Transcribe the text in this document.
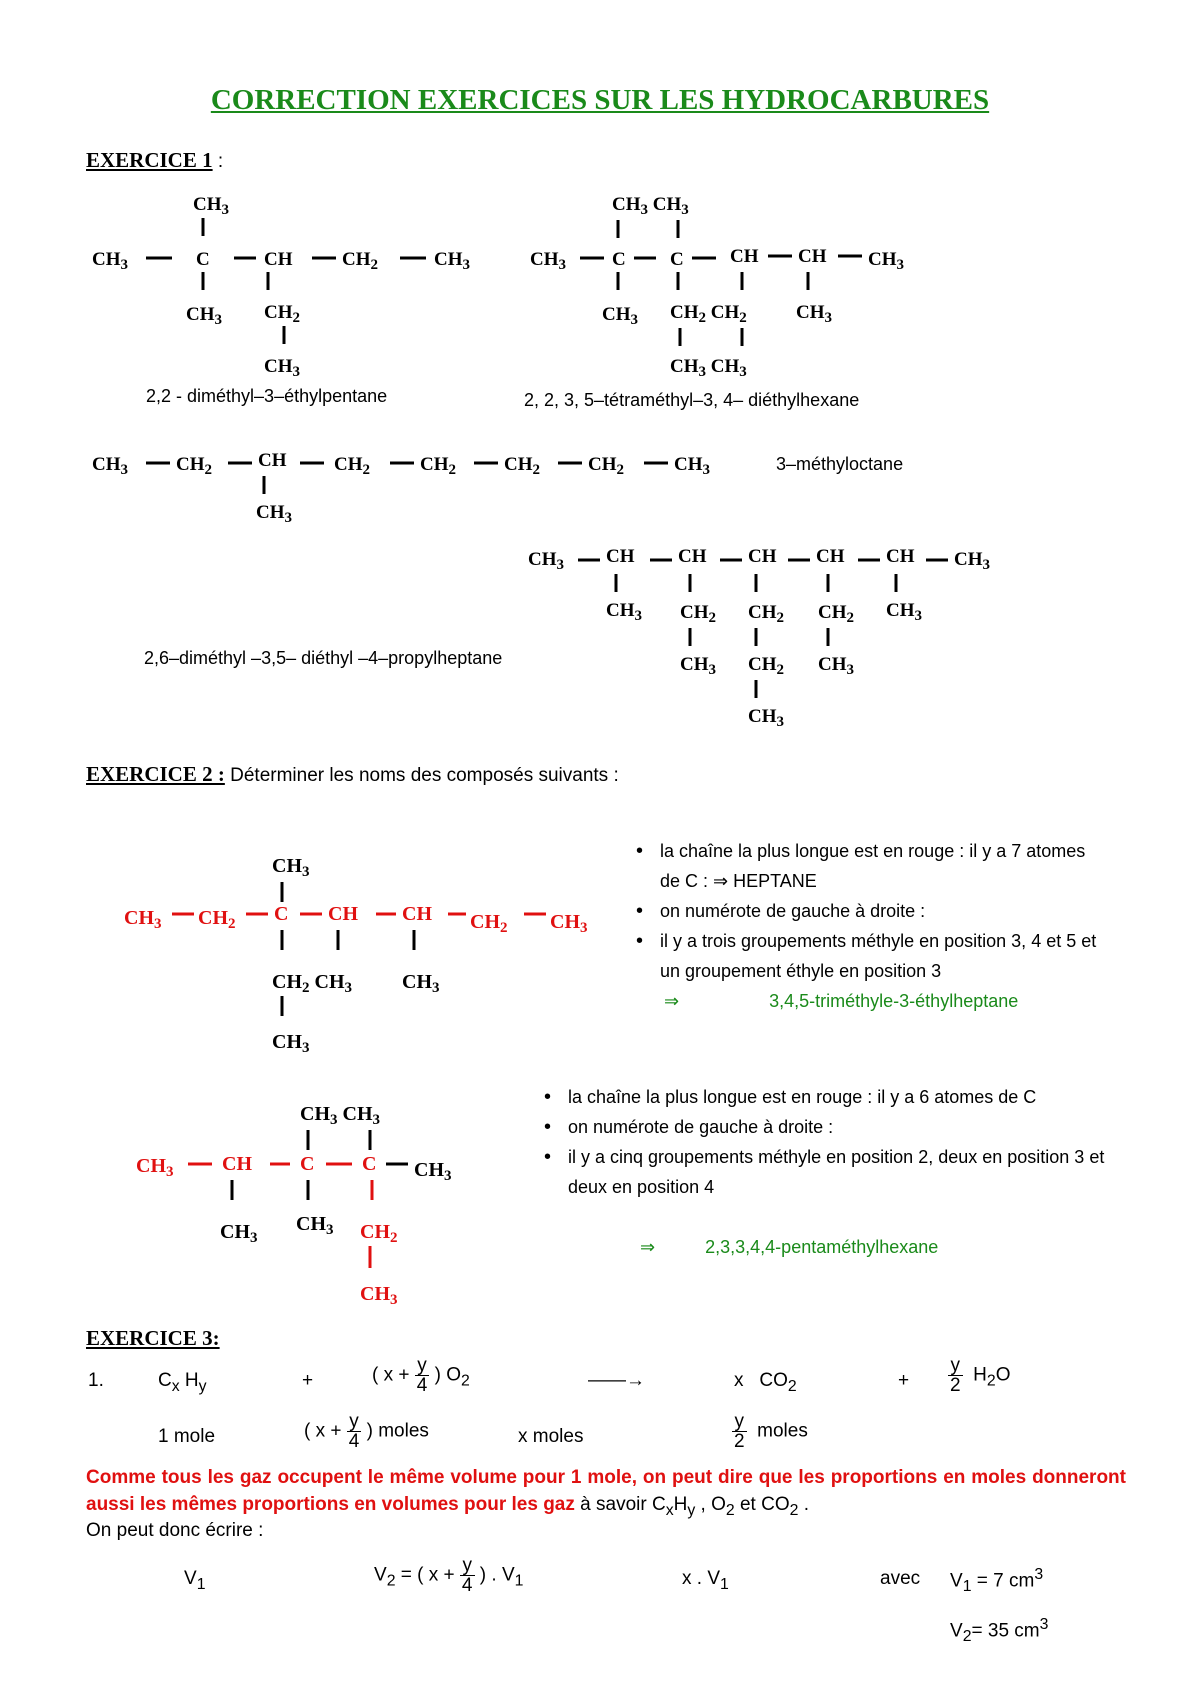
CORRECTION EXERCICES SUR LES HYDROCARBURES
EXERCICE 1 :
$CH_3$
$CH_3$	C	CH	$CH_2$	$CH_3$
$CH_3$ $CH_2$
$CH_3$
$CH_3$ $CH_3$
$CH_3$ C C CH CH $CH_3$
$CH_3$ $CH_2$ $CH_2$	$CH_3$
$CH_3$ $CH_3$
$CH_3$	$CH_2$ CH	$CH_2$	$CH_2$	$CH_2$	$CH_2$	$CH_3$
$CH_3$
$CH_3$ CH CH CH CH CH $CH_3$
$CH_3$ $CH_2$ $CH_2$ $CH_2$ $CH_3$
$CH_3$ $CH_2$ $CH_3$
$CH_3$
2,2 - diméthyl–3–éthylpentane	2, 2, 3, 5–tétraméthyl–3, 4– diéthylhexane
3–méthyloctane
2,6–diméthyl –3,5– diéthyl –4–propylheptane
EXERCICE 2 : Déterminer les noms des composés suivants :
$CH_3$
$CH_3$ $CH_2$ C CH CH $CH_2$ $CH_3$
$CH_2$ $CH_3$	$CH_3$
$CH_3$
$CH_3$ $CH_3$
$CH_3$ CH C C $CH_3$
$CH_3$
$CH_3$ $CH_2$
$CH_3$
• la chaîne la plus longue est en rouge : il y a 7 atomes de C : ⇒ HEPTANE
• on numérote de gauche à droite :
• il y a trois groupements méthyle en position 3, 4 et 5 et un groupement éthyle en position 3
⇒	3,4,5-triméthyle-3-éthylheptane
• la chaîne la plus longue est en rouge : il y a 6 atomes de C
• on numérote de gauche à droite :
• il y a cinq groupements méthyle en position 2, deux en position 3 et deux en position 4
⇒	2,3,3,4,4-pentaméthylhexane
EXERCICE 3:
1.	$C_x$ $H_y$	+	( $x + \frac{y}{4}$ ) $O_2$	——→	x $CO_2$	+ $\frac{y}{2} H_2O$
1 mole	( $x + \frac{y}{4}$ ) moles	x moles	$\frac{y}{2}$ moles
Comme tous les gaz occupent le même volume pour 1 mole, on peut dire que les proportions en moles donneront aussi les mêmes proportions en volumes pour les gaz à savoir $C_xH_y$ , $O_2$ et $CO_2$ .
On peut donc écrire :
$V_1$	$V_2$ = ( $x + \frac{y}{4}$ ) . $V_1$	x . $V_1$	avec $V_1 = 7$ $cm^3$
$V_2= 35$ $cm^3$
